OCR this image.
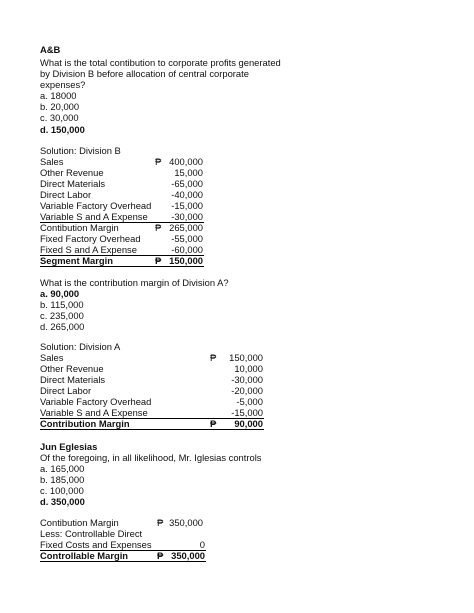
A&B
What is the total contibution to corporate profits generated
by Division B before allocation of central corporate
expenses?
a. 18000
b. 20,000
c. 30,000
d. 150,000
Solution: Division B
Sales	₱ 400,000
Other Revenue	15,000
Direct Materials	-65,000
Direct Labor	-40,000
Variable Factory Overhead	-15,000
Variable S and A Expense	-30,000
Contibution Margin	₱ 265,000
Fixed Factory Overhead	-55,000
Fixed S and A Expense	-60,000
Segment Margin	₱ 150,000
What is the contribution margin of Division A?
a. 90,000
b. 115,000
c. 235,000
d. 265,000
Solution: Division A
Sales	₱	150,000
Other Revenue	10,000
Direct Materials	-30,000
Direct Labor	-20,000
Variable Factory Overhead	-5,000
Variable S and A Expense	-15,000
Contribution Margin	₱	90,000
Jun Eglesias
Of the foregoing, in all likelihood, Mr. Iglesias controls
a. 165,000
b. 185,000
c. 100,000
d. 350,000
Contibution Margin	₱ 350,000
Less: Controllable Direct
Fixed Costs and Expenses	0
Controllable Margin	₱ 350,000
